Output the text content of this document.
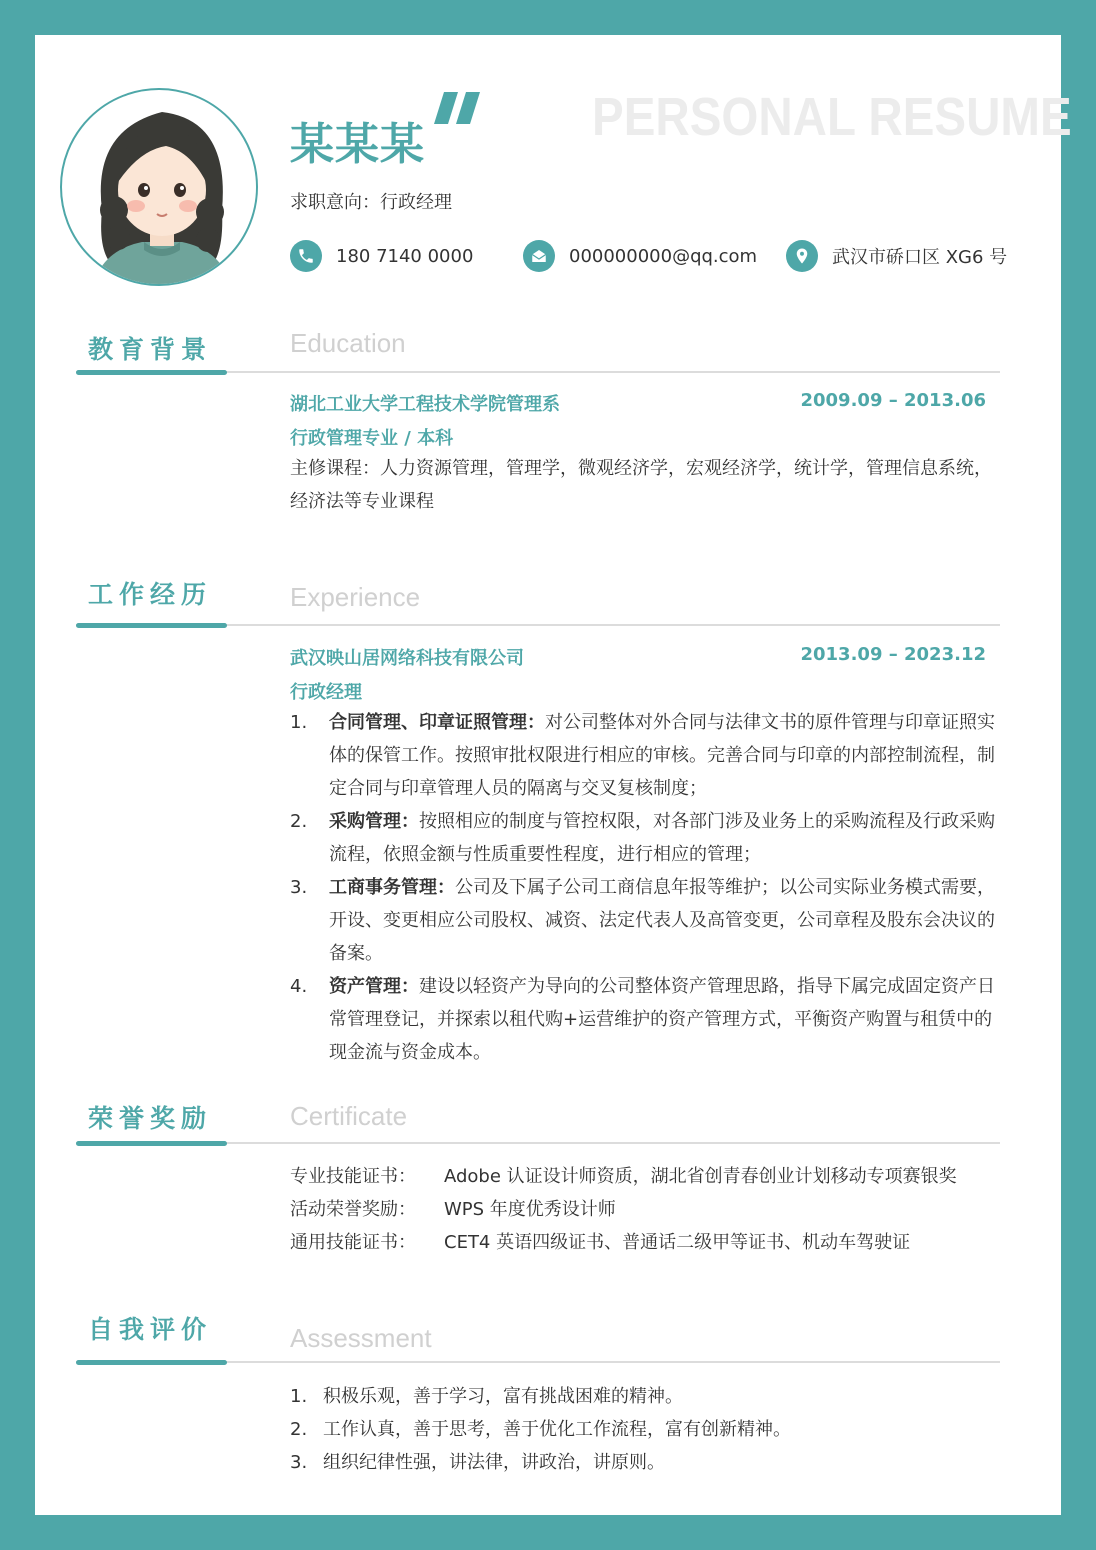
某某某	PERSONAL RESUME
求职意向：行政经理
180 7140 0000	000000000@qq.com	武汉市硚口区 XG6 号
教育背景	Education
湖北工业大学工程技术学院管理系	2009.09 – 2013.06
行政管理专业 / 本科
主修课程：人力资源管理，管理学，微观经济学，宏观经济学，统计学，管理信息系统，经济法等专业课程
工作经历	Experience
武汉映山居网络科技有限公司	2013.09 – 2023.12
行政经理
1. 合同管理、印章证照管理：对公司整体对外合同与法律文书的原件管理与印章证照实体的保管工作。按照审批权限进行相应的审核。完善合同与印章的内部控制流程，制定合同与印章管理人员的隔离与交叉复核制度；
2. 采购管理：按照相应的制度与管控权限，对各部门涉及业务上的采购流程及行政采购流程，依照金额与性质重要性程度，进行相应的管理；
3. 工商事务管理：公司及下属子公司工商信息年报等维护；以公司实际业务模式需要，开设、变更相应公司股权、减资、法定代表人及高管变更，公司章程及股东会决议的备案。
4. 资产管理：建设以轻资产为导向的公司整体资产管理思路，指导下属完成固定资产日常管理登记，并探索以租代购+运营维护的资产管理方式，平衡资产购置与租赁中的现金流与资金成本。
荣誉奖励	Certificate
专业技能证书：	Adobe 认证设计师资质，湖北省创青春创业计划移动专项赛银奖
活动荣誉奖励：	WPS 年度优秀设计师
通用技能证书：	CET4 英语四级证书、普通话二级甲等证书、机动车驾驶证
自我评价	Assessment
1. 积极乐观，善于学习，富有挑战困难的精神。
2. 工作认真，善于思考，善于优化工作流程，富有创新精神。
3. 组织纪律性强，讲法律，讲政治，讲原则。
